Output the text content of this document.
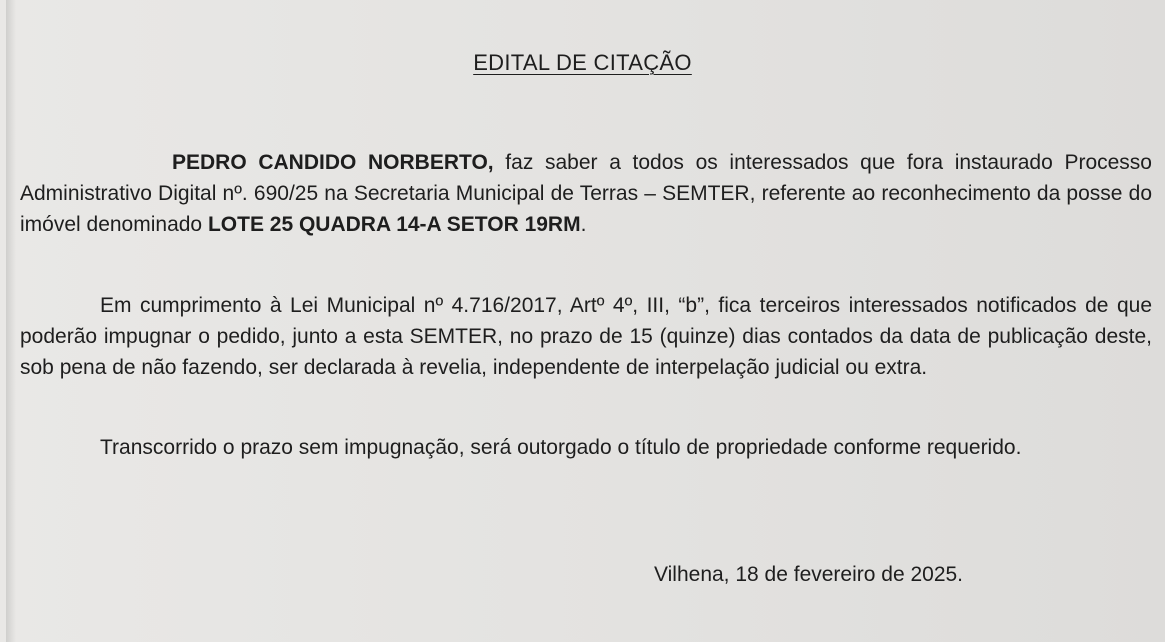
EDITAL DE CITAÇÃO

PEDRO CANDIDO NORBERTO, faz saber a todos os interessados que fora instaurado Processo Administrativo Digital nº. 690/25 na Secretaria Municipal de Terras – SEMTER, referente ao reconhecimento da posse do imóvel denominado LOTE 25 QUADRA 14-A SETOR 19RM.

Em cumprimento à Lei Municipal nº 4.716/2017, Artº 4º, III, “b”, fica terceiros interessados notificados de que poderão impugnar o pedido, junto a esta SEMTER, no prazo de 15 (quinze) dias contados da data de publicação deste, sob pena de não fazendo, ser declarada à revelia, independente de interpelação judicial ou extra.

Transcorrido o prazo sem impugnação, será outorgado o título de propriedade conforme requerido.

Vilhena, 18 de fevereiro de 2025.
